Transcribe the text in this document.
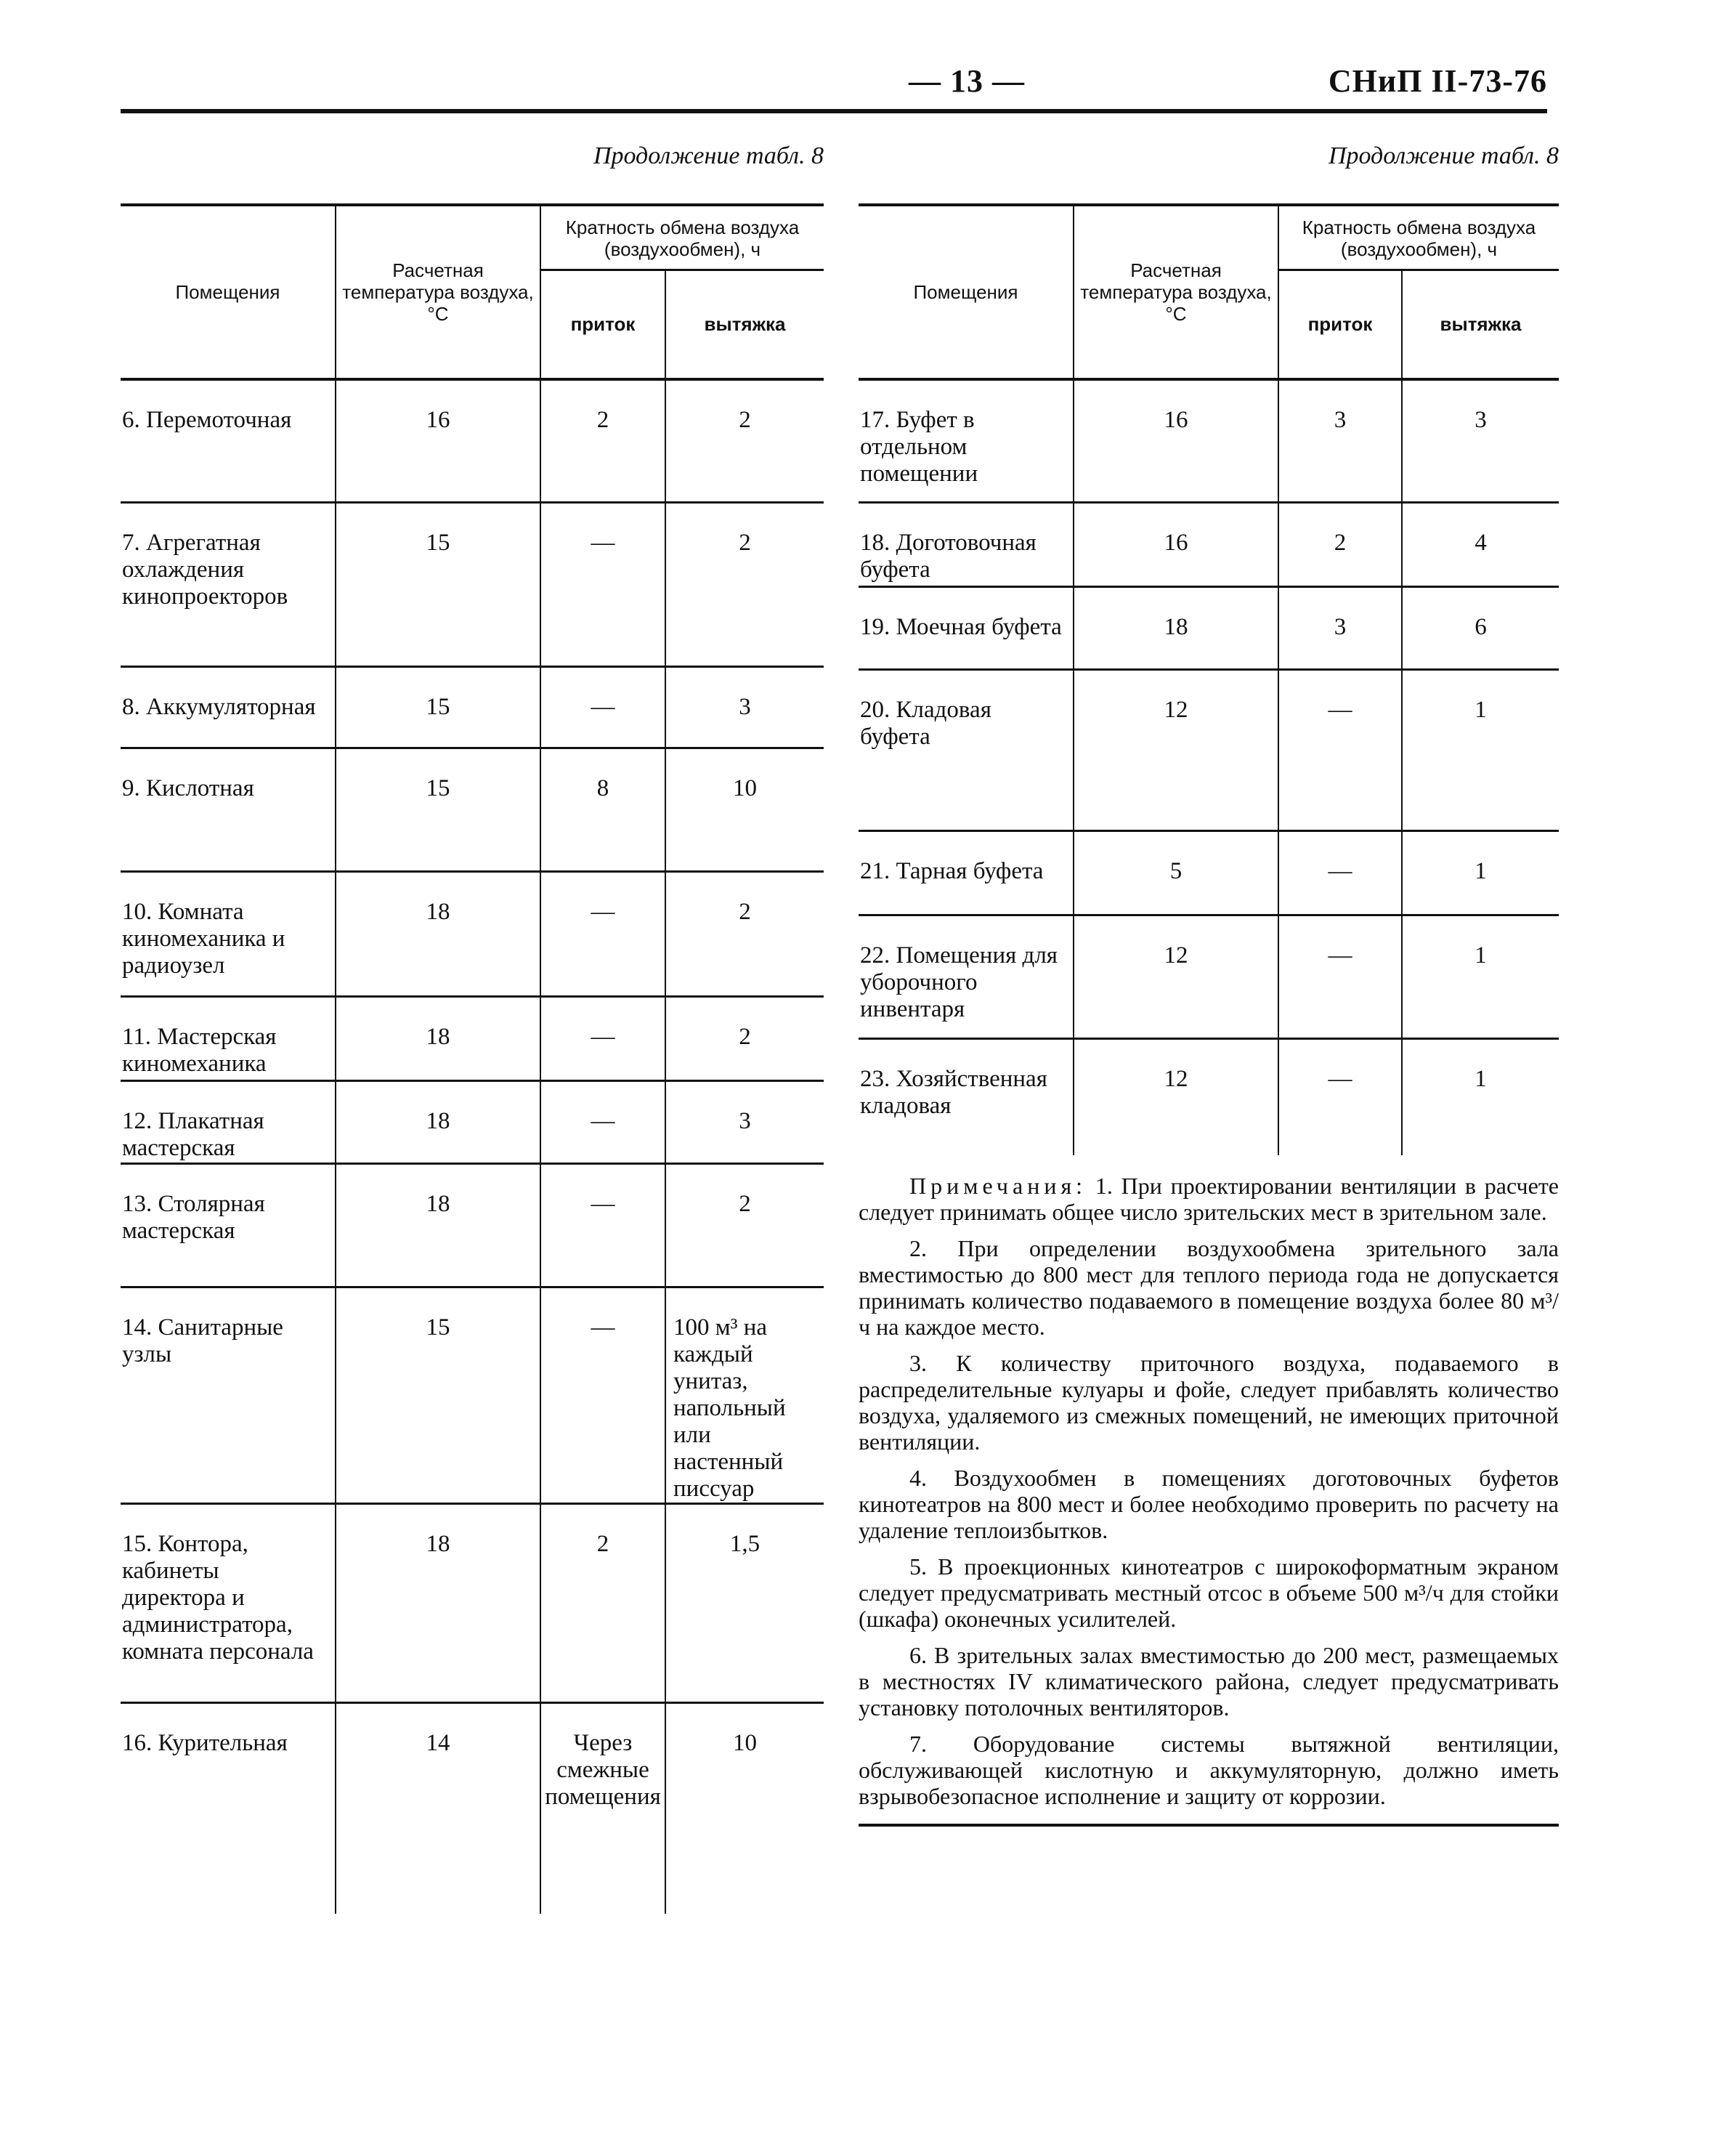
— 13 —	СНиП II-73-76
Продолжение табл. 8
Помещения	Расчетная температура воздуха, °С	Кратность обмена воздуха (воздухообмен), ч	
		приток	вытяжка
6. Перемоточная	16	2	2
7. Агрегатная охлаждения кинопроекторов	15	—	2
8. Аккумуляторная	15	—	3
9. Кислотная	15	8	10
10. Комната киномеханика и радиоузел	18	—	2
11. Мастерская киномеханика	18	—	2
12. Плакатная мастерская	18	—	3
13. Столярная мастерская	18	—	2
14. Санитарные узлы	15	—	100 м³ на каждый унитаз, напольный или настенный писсуар
15. Контора, кабинеты директора и администратора, комната персонала	18	2	1,5
16. Курительная	14	Через смежные помещения	10
Продолжение табл. 8
Помещения	Расчетная температура воздуха, °С	Кратность обмена воздуха (воздухообмен), ч	
		приток	вытяжка
17. Буфет в отдельном помещении	16	3	3
18. Доготовочная буфета	16	2	4
19. Моечная буфета	18	3	6
20. Кладовая буфета	12	—	1
21. Тарная буфета	5	—	1
22. Помещения для уборочного инвентаря	12	—	1
23. Хозяйственная кладовая	12	—	1

Примечания: 1. При проектировании вентиляции в расчете следует принимать общее число зрительских мест в зрительном зале.

2. При определении воздухообмена зрительного зала вместимостью до 800 мест для теплого периода года не допускается принимать количество подаваемого в помещение воздуха более 80 м³/ч на каждое место.

3. К количеству приточного воздуха, подаваемого в распределительные кулуары и фойе, следует прибавлять количество воздуха, удаляемого из смежных помещений, не имеющих приточной вентиляции.

4. Воздухообмен в помещениях доготовочных буфетов кинотеатров на 800 мест и более необходимо проверить по расчету на удаление теплоизбытков.

5. В проекционных кинотеатров с широкоформатным экраном следует предусматривать местный отсос в объеме 500 м³/ч для стойки (шкафа) оконечных усилителей.

6. В зрительных залах вместимостью до 200 мест, размещаемых в местностях IV климатического района, следует предусматривать установку потолочных вентиляторов.

7. Оборудование системы вытяжной вентиляции, обслуживающей кислотную и аккумуляторную, должно иметь взрывобезопасное исполнение и защиту от коррозии.
